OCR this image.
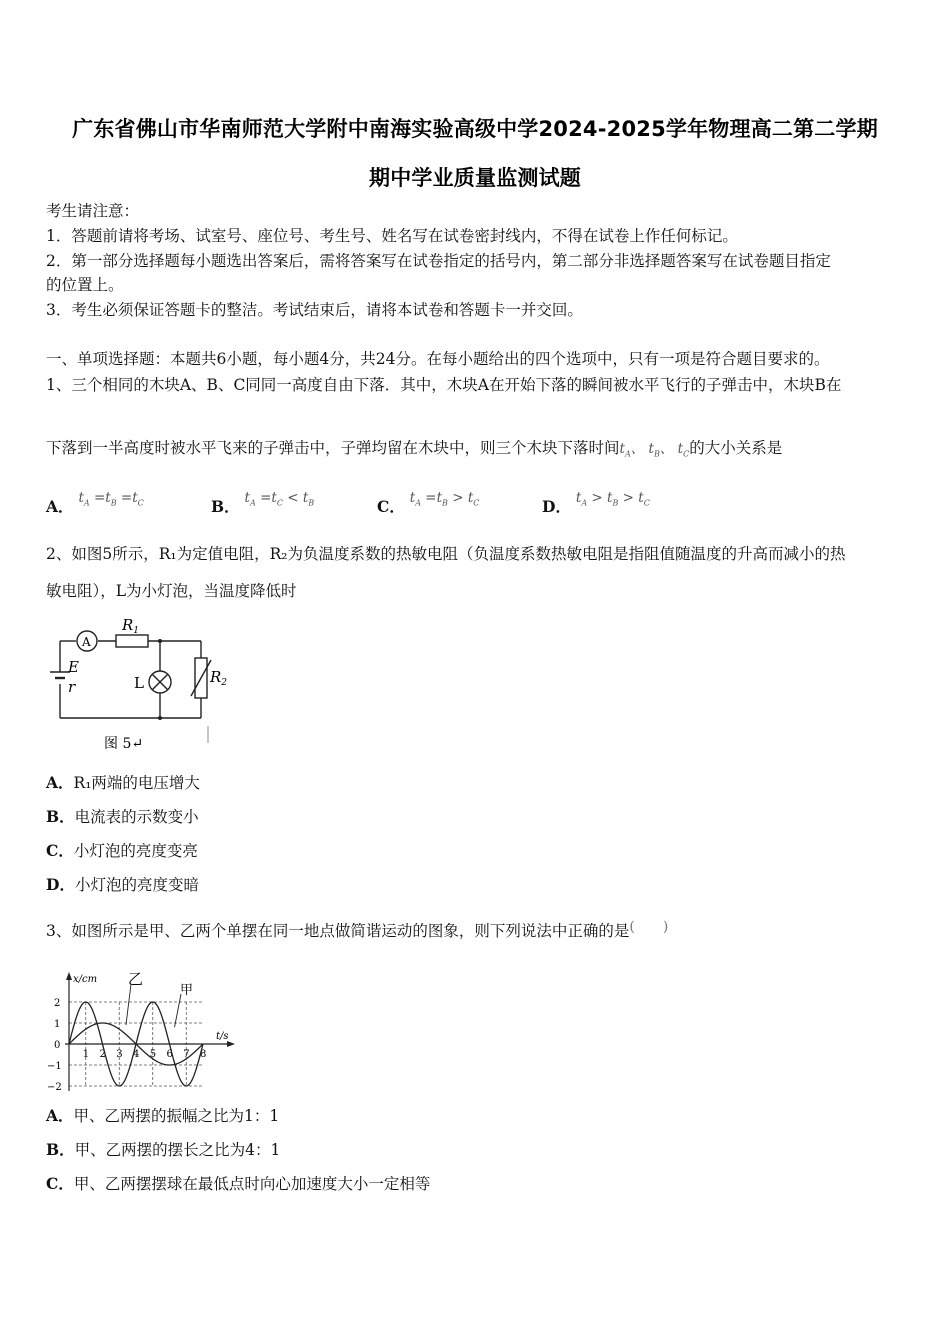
广东省佛山市华南师范大学附中南海实验高级中学2024-2025学年物理高二第二学期
期中学业质量监测试题
考生请注意：
1．答题前请将考场、试室号、座位号、考生号、姓名写在试卷密封线内，不得在试卷上作任何标记。
2．第一部分选择题每小题选出答案后，需将答案写在试卷指定的括号内，第二部分非选择题答案写在试卷题目指定
的位置上。
3．考生必须保证答题卡的整洁。考试结束后，请将本试卷和答题卡一并交回。
一、单项选择题：本题共6小题，每小题4分，共24分。在每小题给出的四个选项中，只有一项是符合题目要求的。
1、三个相同的木块A、B、C同同一高度自由下落．其中，木块A在开始下落的瞬间被水平飞行的子弹击中，木块B在
下落到一半高度时被水平飞来的子弹击中，子弹均留在木块中，则三个木块下落时间$t_A$、 $t_B$、 $t_C$的大小关系是
A． $t_A =t_B =t_C$	B． $t_A =t_C < t_B$	C． $t_A =t_B > t_C$	D． $t_A > t_B > t_C$
2、如图5所示，R₁为定值电阻，R₂为负温度系数的热敏电阻（负温度系数热敏电阻是指阻值随温度的升高而减小的热
敏电阻），L为小灯泡，当温度降低时
A
$R_1$
E
r	L	$R_2$
图 5↵
A．R₁两端的电压增大
B．电流表的示数变小
C．小灯泡的亮度变亮
D．小灯泡的亮度变暗
3、如图所示是甲、乙两个单摆在同一地点做简谐运动的图象，则下列说法中正确的是(　　)
1 2 3 4 5 6 7 8
2
1
0
−1
−2
t/s
x/cm
甲
乙
A．甲、乙两摆的振幅之比为1：1
B．甲、乙两摆的摆长之比为4：1
C．甲、乙两摆摆球在最低点时向心加速度大小一定相等
